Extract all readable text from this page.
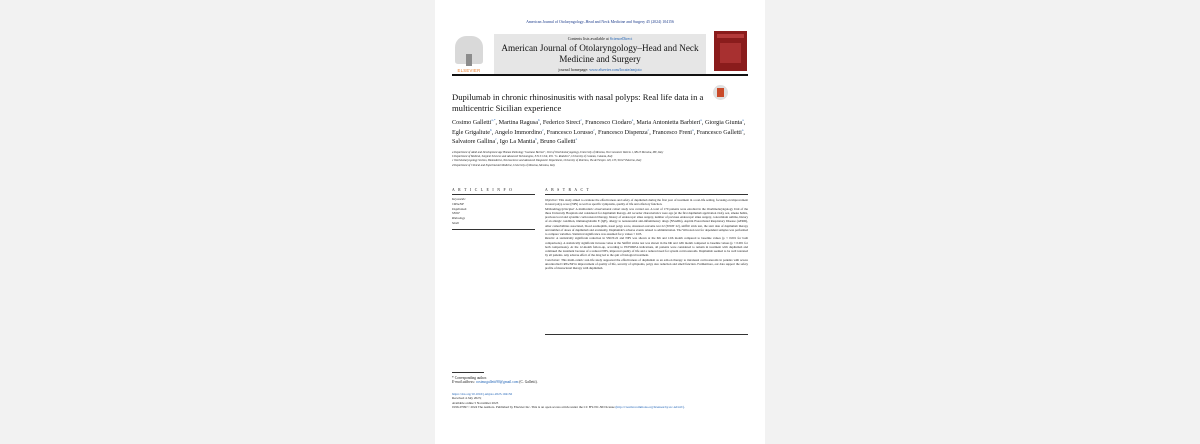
American Journal of Otolaryngology–Head and Neck Medicine and Surgery 45 (2024) 104156
ELSEVIER
Contents lists available at ScienceDirect
American Journal of Otolaryngology–Head and Neck Medicine and Surgery
journal homepage: www.elsevier.com/locate/amjoto
Dupilumab in chronic rhinosinusitis with nasal polyps: Real life data in a multicentric Sicilian experience
Cosimo Galletti$^{a,*}$, Martina Ragusa$^b$, Federico Sireci$^c$, Francesco Ciodaro$^a$, Maria Antonietta Barbieri$^a$, Giorgia Giunta$^a$, Egle Grigaliute$^b$, Angelo Immordino$^c$, Francesco Lorusso$^c$, Francesco Dispenza$^c$, Francesco Freni$^a$, Francesco Galletti$^a$, Salvatore Gallina$^c$, Igo La Mantia$^b$, Bruno Galletti$^a$
a Department of Adult and Development Age Human Pathology "Gaetano Barresi", Unit of Otorhinolaryngology, University of Messina, Via Consolare Valeria 1, 98125 Messina, ME, Italy
b Department of Medical, Surgical Sciences and Advanced Technologies, E.N.T. Unit, P.O. "G. Rodolico", University of Catania, Catania, Italy
c Otorhinolaryngology Section, Biomedicine, Neuroscience and Advanced Diagnostic Department, University of Palermo, Via del Vespro 129, 133, 90127 Palermo, Italy
d Department of Clinical and Experimental Medicine, University of Messina, Messina, Italy
A R T I C L E I N F O	A B S T R A C T
Keywords:
CRSwNP
Dupilumab
SNOT
Rhinology
Smell

Objective: This study aimed to evaluate the effectiveness and safety of dupilumab during the first year of treatment in a real-life setting, focusing on improvement in nasal polyp score (NPS) as well as specific symptoms, quality of life and olfactory function.

Methodology/principal: A multicentric observational cohort study was carried out. A total of 170 patients were enrolled in the Otorhinolaryngology Unit of the three University Hospitals and considered for dupilumab therapy. All recorder characteristics were age (at the first dupilumab application visit), sex, smoke habits, previous local and systemic corticosteroid therapy, history of endoscopic sinus surgery, number of previous endoscopic sinus surgery, concomitant asthma, history of an allergic condition, immunoglobulin E (IgE), allergy to nonsteroidal anti-inflammatory drugs (NSAIDs), Aspirin Exacerbated Respiratory Disease (AERD), other comorbidities associated, blood eosinophils, nasal polyp score, sinonasal outcome test 22 (SNOT 22), sniffin' stick test, the start date of dupilumab therapy and number of doses of dupilumab and eventually, Dupilumab's adverse events related to administration. The Wilcoxon test for dependent samples was performed to compare variables. Statistical significance was assumed for p values < 0.05.

Results: A statistically significant reduction in SNOT-22 and NPS was shown at the 6th and 12th month compared to baseline values (p < 0.001 for both comparisons). A statistically significant increase value at the Sniffin' sticks test was shown in the 6th and 12th month compared to baseline values (p < 0.001 for both comparisons). At the 12-month follow-up, according to EUFOREA indications, all patients were considered to remain in treatment with dupilumab and continued the treatment because of a reduced NPS, improved quality of life and a reduced need for system corticosteroids. Dupilumab seemed to be well tolerated by all patients. Any adverse effect of the drug led to the quit of biological treatment.

Conclusion: This multi-centric real-life study supported the effectiveness of dupilumab as an add-on therapy to intranasal corticosteroids in patients with severe uncontrolled CRSwNP in improvement of quality of life, severity of symptoms, polyp size reduction and smell function. Furthermore, our data support the safety profile of monoclonal therapy with dupilumab.

* Corresponding author.
E-mail address: cosimogalletti90@gmail.com (C. Galletti).
https://doi.org/10.1016/j.amjoto.2023.104156
Received 4 July 2023;
Available online 5 November 2023
0196-0709/© 2024 The Authors. Published by Elsevier Inc. This is an open access article under the CC BY-NC-ND license (http://creativecommons.org/licenses/by-nc-nd/4.0/).
